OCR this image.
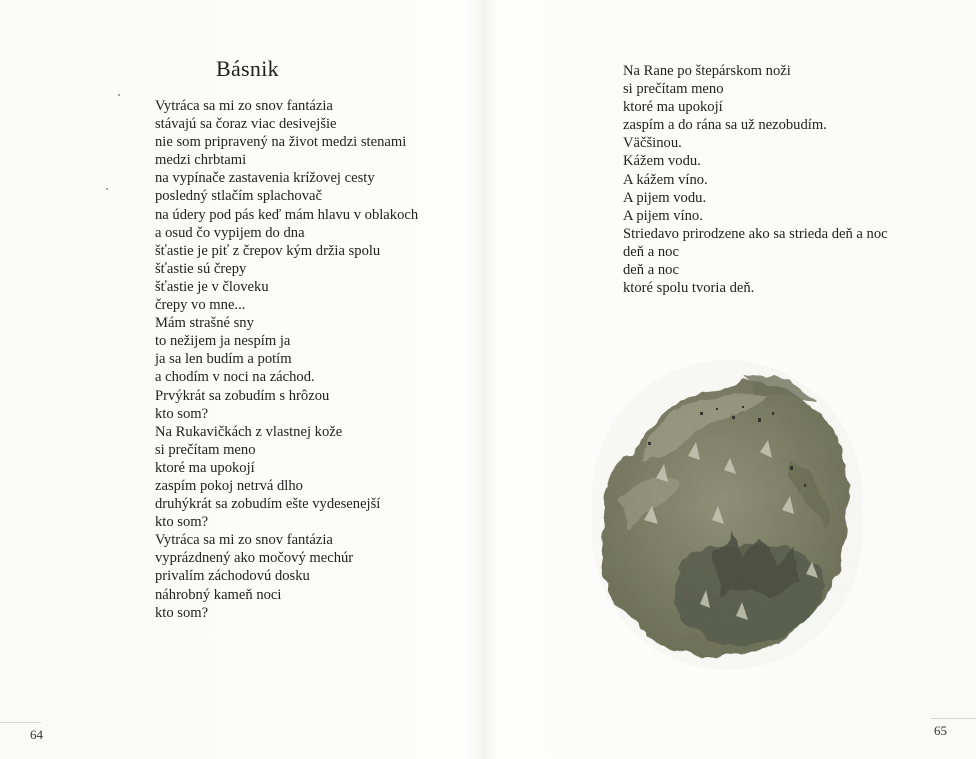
Básnik
Vytráca sa mi zo snov fantázia
stávajú sa čoraz viac desivejšie
nie som pripravený na život medzi stenami
medzi chrbtami
na vypínače zastavenia krížovej cesty
posledný stlačím splachovač
na údery pod pás keď mám hlavu v oblakoch
a osud čo vypijem do dna
šťastie je piť z črepov kým držia spolu
šťastie sú črepy
šťastie je v človeku
črepy vo mne...
Mám strašné sny
to nežijem ja nespím ja
ja sa len budím a potím
a chodím v noci na záchod.
Prvýkrát sa zobudím s hrôzou
kto som?
Na Rukavičkách z vlastnej kože
si prečítam meno
ktoré ma upokojí
zaspím pokoj netrvá dlho
druhýkrát sa zobudím ešte vydesenejší
kto som?
Vytráca sa mi zo snov fantázia
vyprázdnený ako močový mechúr
privalím záchodovú dosku
náhrobný kameň noci
kto som?
64
Na Rane po štepárskom noži
si prečítam meno
ktoré ma upokojí
zaspím a do rána sa už nezobudím.
Väčšinou.
Kážem vodu.
A kážem víno.
A pijem vodu.
A pijem víno.
Striedavo prirodzene ako sa strieda deň a noc
deň a noc
deň a noc
ktoré spolu tvoria deň.
65
